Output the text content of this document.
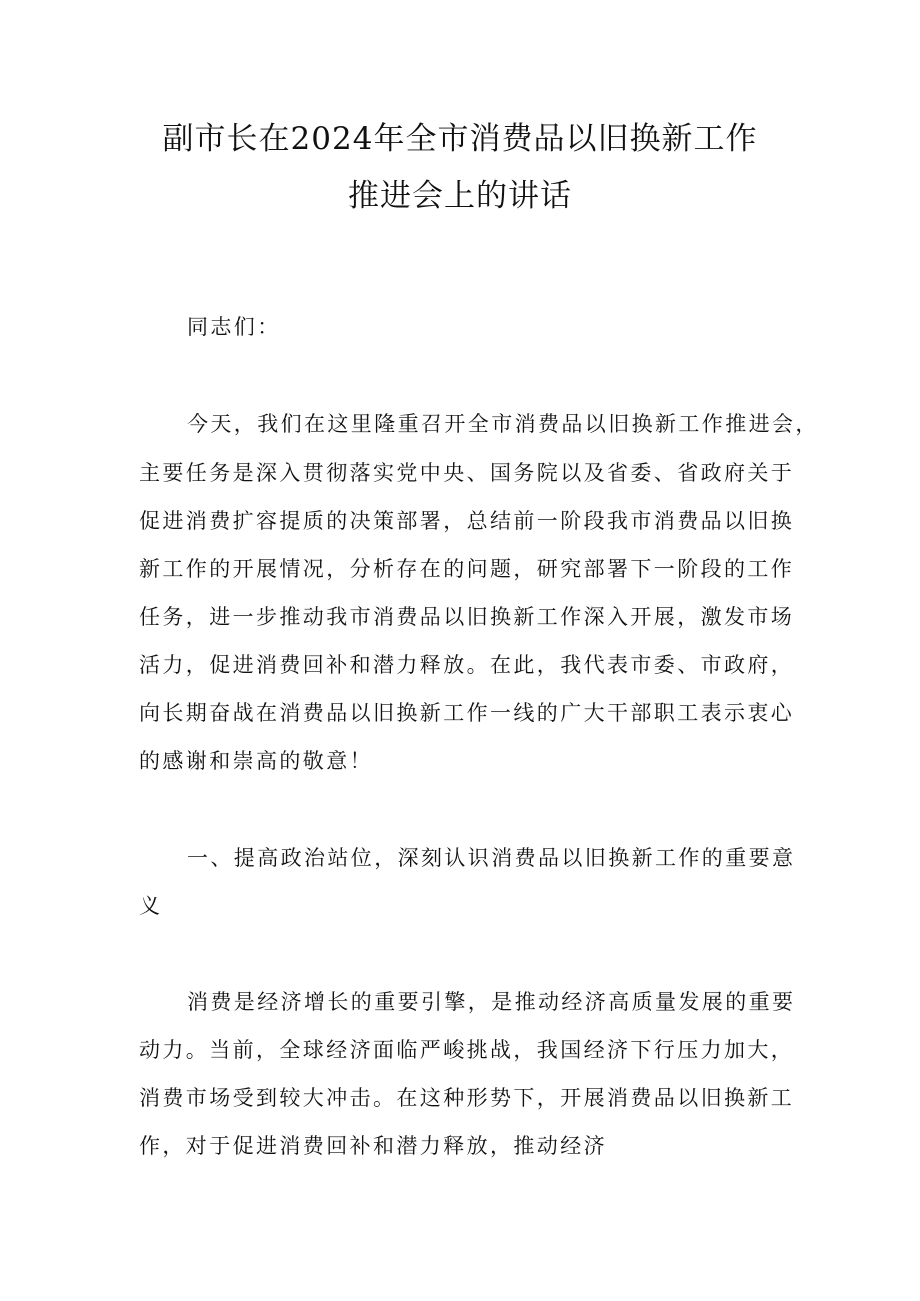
副市长在2024年全市消费品以旧换新工作
推进会上的讲话

同志们：

今天，我们在这里隆重召开全市消费品以旧换新工作推进会，

主要任务是深入贯彻落实党中央、国务院以及省委、省政府关于

促进消费扩容提质的决策部署，总结前一阶段我市消费品以旧换

新工作的开展情况，分析存在的问题，研究部署下一阶段的工作

任务，进一步推动我市消费品以旧换新工作深入开展，激发市场

活力，促进消费回补和潜力释放。在此，我代表市委、市政府，

向长期奋战在消费品以旧换新工作一线的广大干部职工表示衷心

的感谢和崇高的敬意！

一、提高政治站位，深刻认识消费品以旧换新工作的重要意

义

消费是经济增长的重要引擎，是推动经济高质量发展的重要

动力。当前，全球经济面临严峻挑战，我国经济下行压力加大，

消费市场受到较大冲击。在这种形势下，开展消费品以旧换新工

作，对于促进消费回补和潜力释放，推动经济
